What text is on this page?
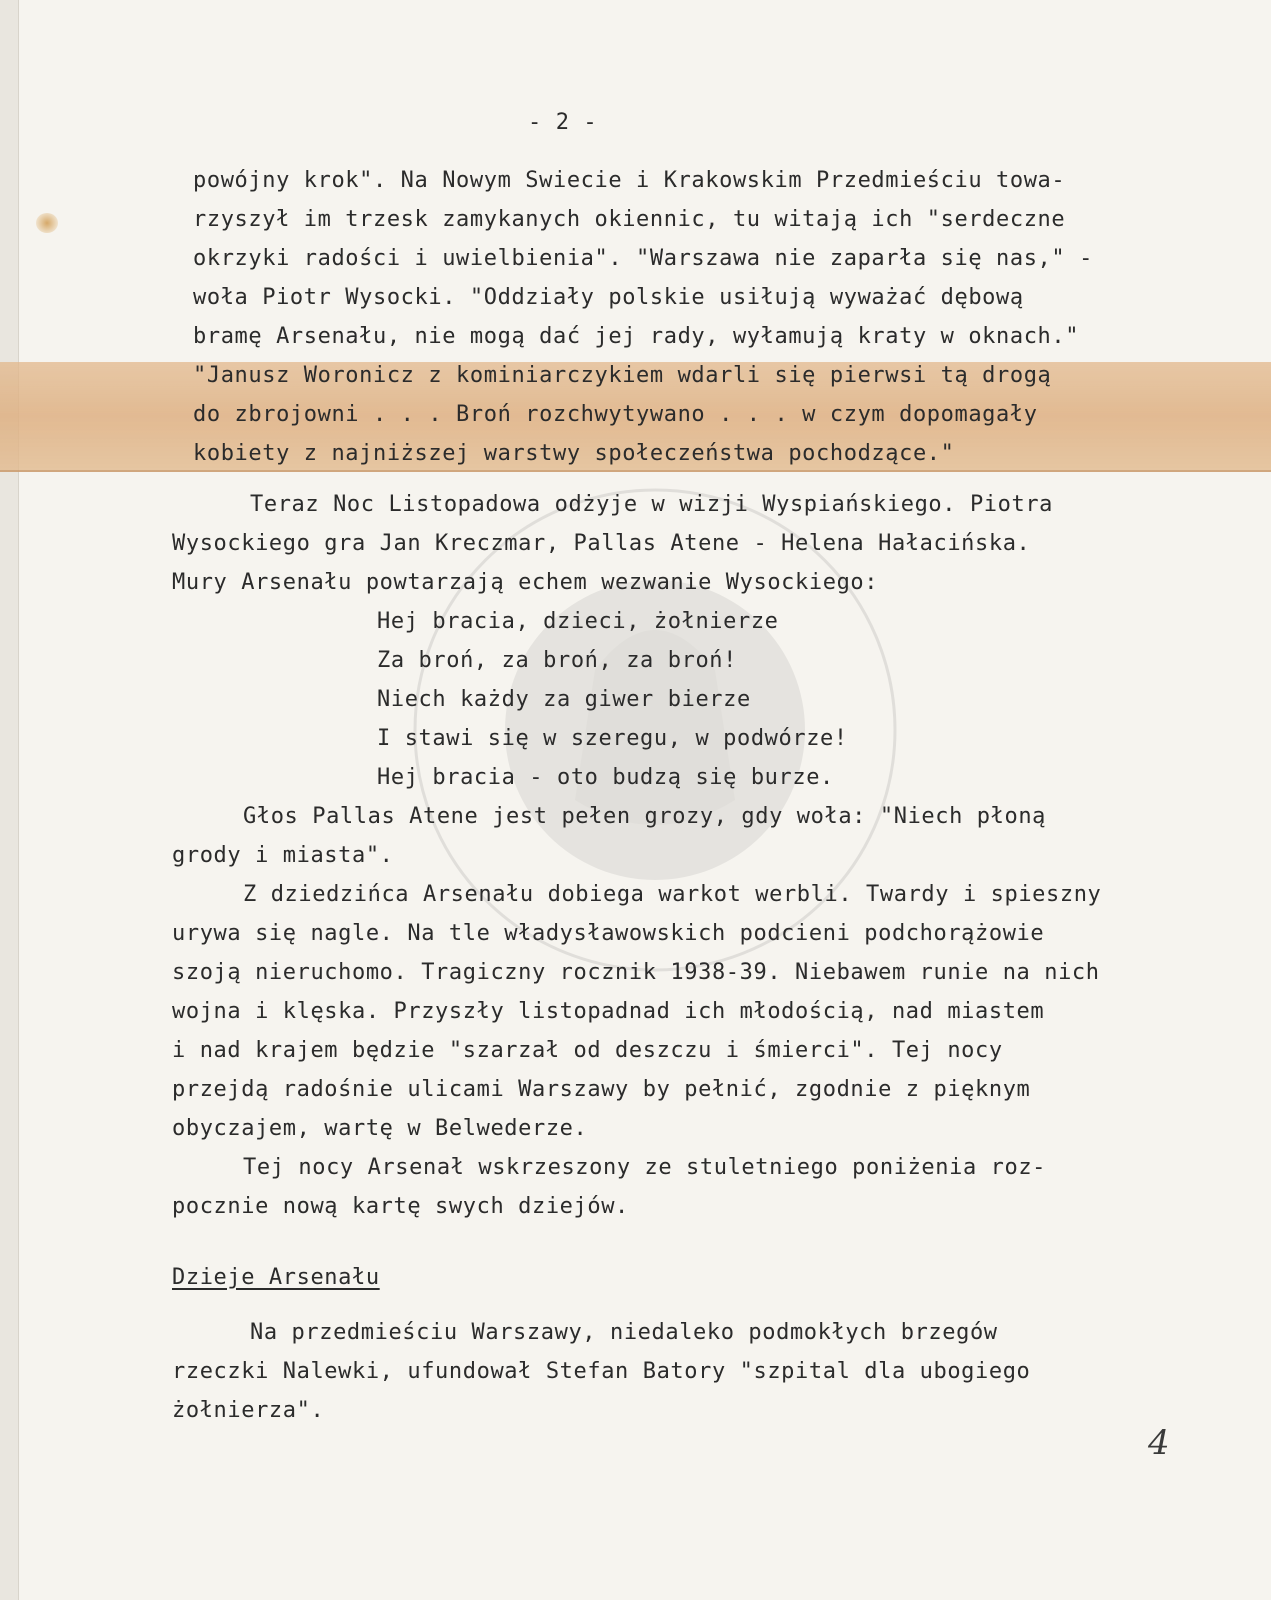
- 2 -
powójny krok". Na Nowym Swiecie i Krakowskim Przedmieściu towa-
rzyszył im trzesk zamykanych okiennic, tu witają ich "serdeczne
okrzyki radości i uwielbienia". "Warszawa nie zaparła się nas," -
woła Piotr Wysocki. "Oddziały polskie usiłują wyważać dębową
bramę Arsenału, nie mogą dać jej rady, wyłamują kraty w oknach."
"Janusz Woronicz z kominiarczykiem wdarli się pierwsi tą drogą
do zbrojowni . . . Broń rozchwytywano . . . w czym dopomagały
kobiety z najniższej warstwy społeczeństwa pochodzące."
Teraz Noc Listopadowa odżyje w wizji Wyspiańskiego. Piotra
Wysockiego gra Jan Kreczmar, Pallas Atene - Helena Hałacińska.
Mury Arsenału powtarzają echem wezwanie Wysockiego:
Hej bracia, dzieci, żołnierze
Za broń, za broń, za broń!
Niech każdy za giwer bierze
I stawi się w szeregu, w podwórze!
Hej bracia - oto budzą się burze.
Głos Pallas Atene jest pełen grozy, gdy woła: "Niech płoną
grody i miasta".
Z dziedzińca Arsenału dobiega warkot werbli. Twardy i spieszny
urywa się nagle. Na tle władysławowskich podcieni podchorążowie
szoją nieruchomo. Tragiczny rocznik 1938-39. Niebawem runie na nich
wojna i klęska. Przyszły listopadnad ich młodością, nad miastem
i nad krajem będzie "szarzał od deszczu i śmierci". Tej nocy
przejdą radośnie ulicami Warszawy by pełnić, zgodnie z pięknym
obyczajem, wartę w Belwederze.
Tej nocy Arsenał wskrzeszony ze stuletniego poniżenia roz-
pocznie nową kartę swych dziejów.
Na przedmieściu Warszawy, niedaleko podmokłych brzegów
rzeczki Nalewki, ufundował Stefan Batory "szpital dla ubogiego
żołnierza".
Dzieje Arsenału
4
